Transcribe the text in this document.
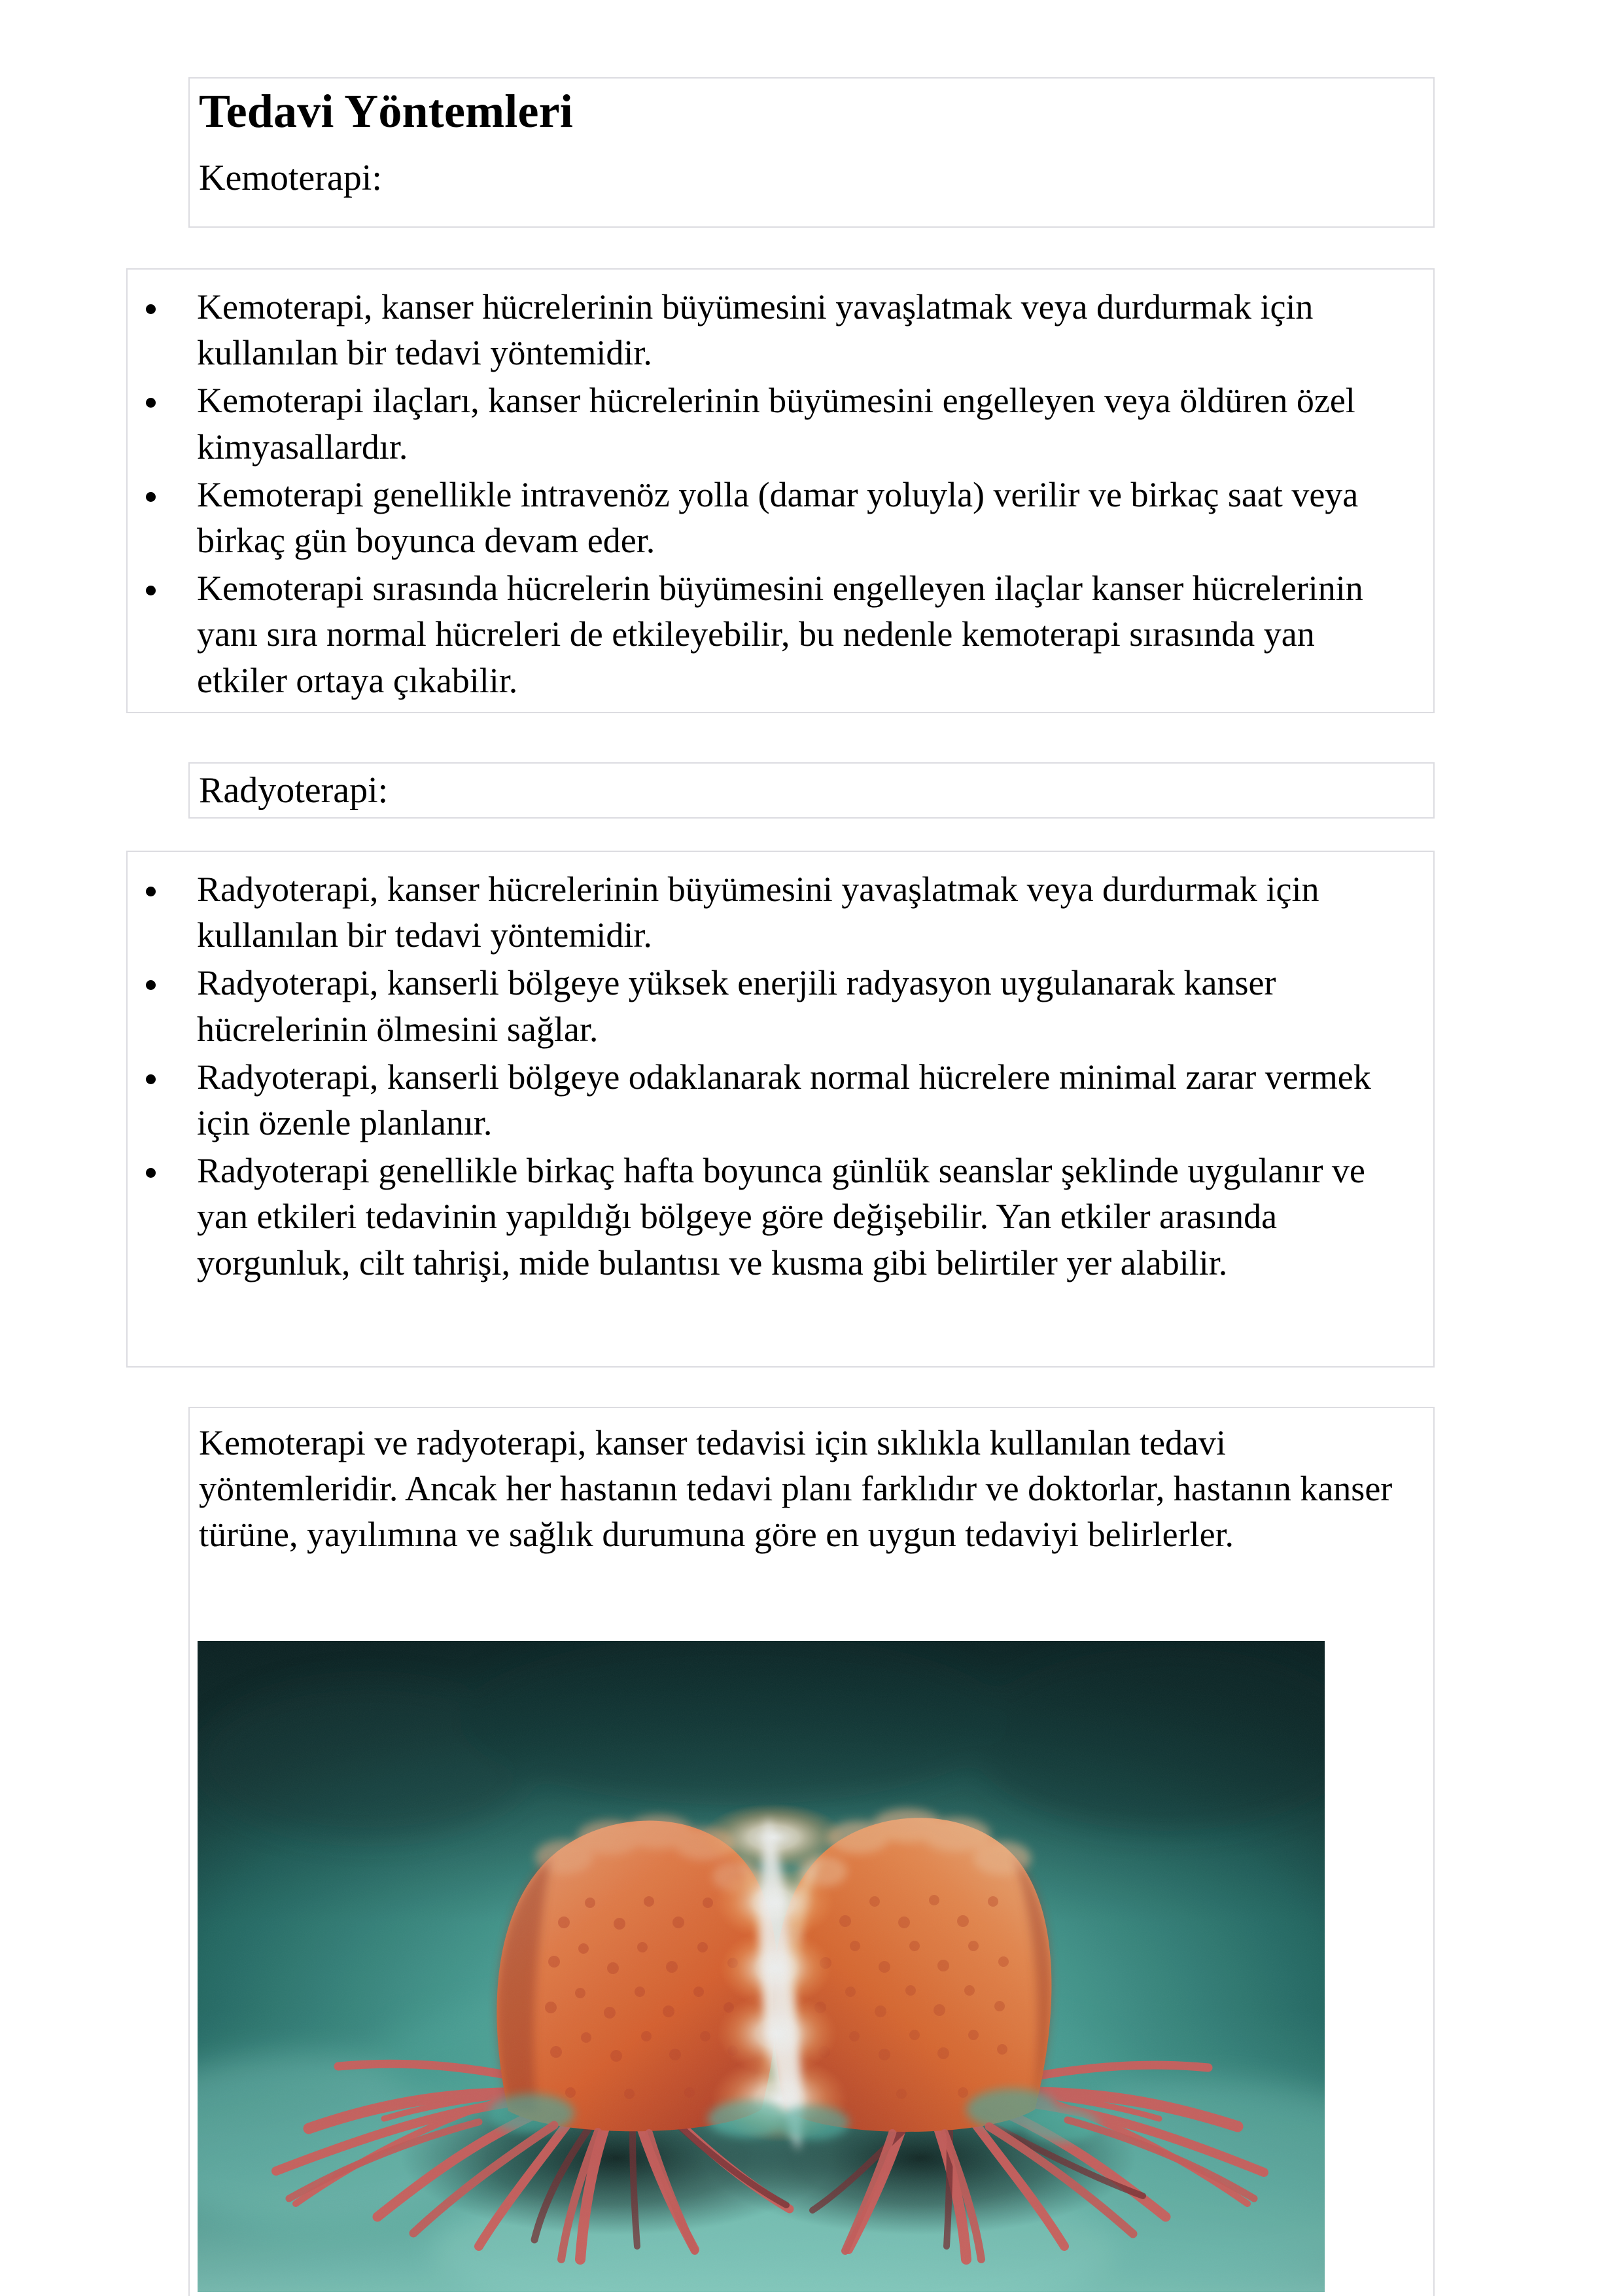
Tedavi Yöntemleri
Kemoterapi:
Kemoterapi, kanser hücrelerinin büyümesini yavaşlatmak veya durdurmak için kullanılan bir tedavi yöntemidir.
Kemoterapi ilaçları, kanser hücrelerinin büyümesini engelleyen veya öldüren özel kimyasallardır.
Kemoterapi genellikle intravenöz yolla (damar yoluyla) verilir ve birkaç saat veya birkaç gün boyunca devam eder.
Kemoterapi sırasında hücrelerin büyümesini engelleyen ilaçlar kanser hücrelerinin yanı sıra normal hücreleri de etkileyebilir, bu nedenle kemoterapi sırasında yan etkiler ortaya çıkabilir.
Radyoterapi:
Radyoterapi, kanser hücrelerinin büyümesini yavaşlatmak veya durdurmak için kullanılan bir tedavi yöntemidir.
Radyoterapi, kanserli bölgeye yüksek enerjili radyasyon uygulanarak kanser hücrelerinin ölmesini sağlar.
Radyoterapi, kanserli bölgeye odaklanarak normal hücrelere minimal zarar vermek için özenle planlanır.
Radyoterapi genellikle birkaç hafta boyunca günlük seanslar şeklinde uygulanır ve yan etkileri tedavinin yapıldığı bölgeye göre değişebilir. Yan etkiler arasında yorgunluk, cilt tahrişi, mide bulantısı ve kusma gibi belirtiler yer alabilir.
Kemoterapi ve radyoterapi, kanser tedavisi için sıklıkla kullanılan tedavi yöntemleridir. Ancak her hastanın tedavi planı farklıdır ve doktorlar, hastanın kanser türüne, yayılımına ve sağlık durumuna göre en uygun tedaviyi belirlerler.
